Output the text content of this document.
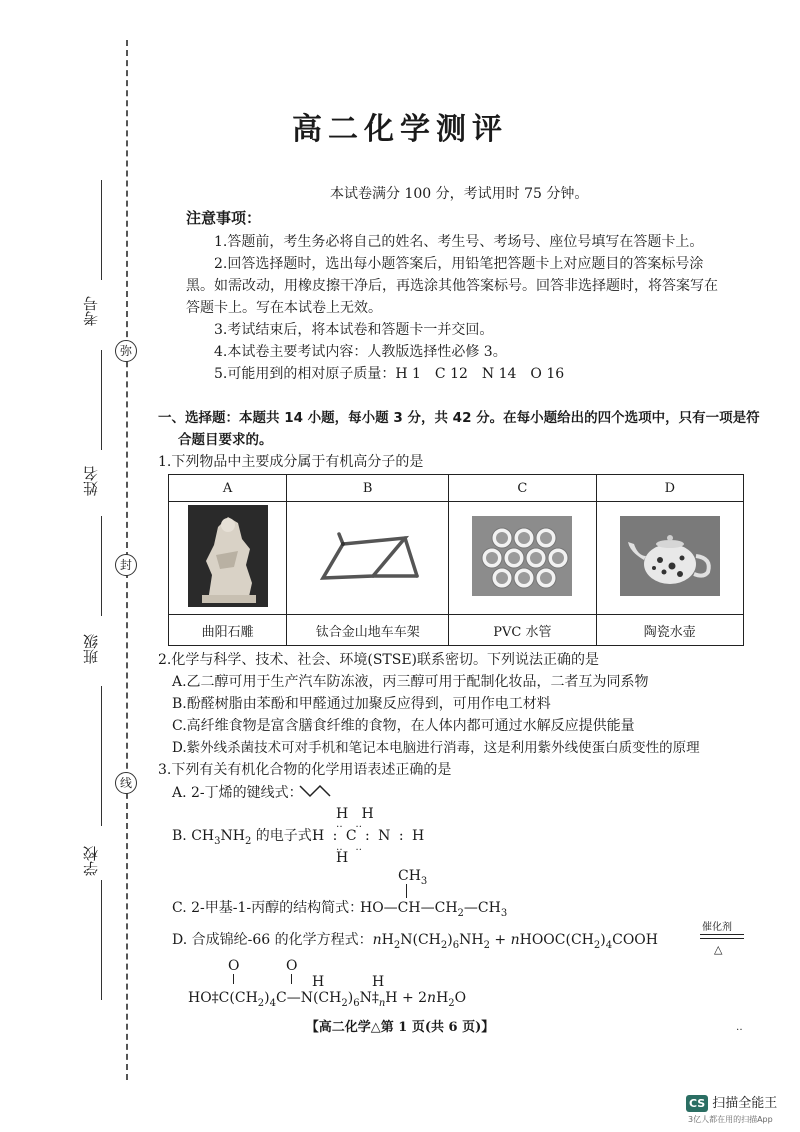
弥
封
线
考号
姓名
班级
学校
高二化学测评
本试卷满分 100 分，考试用时 75 分钟。
注意事项：
1.答题前，考生务必将自己的姓名、考生号、考场号、座位号填写在答题卡上。
2.回答选择题时，选出每小题答案后，用铅笔把答题卡上对应题目的答案标号涂
黑。如需改动，用橡皮擦干净后，再选涂其他答案标号。回答非选择题时，将答案写在
答题卡上。写在本试卷上无效。
3.考试结束后，将本试卷和答题卡一并交回。
4.本试卷主要考试内容：人教版选择性必修 3。
5.可能用到的相对原子质量：H 1　C 12　N 14　O 16
一、选择题：本题共 14 小题，每小题 3 分，共 42 分。在每小题给出的四个选项中，只有一项是符
合题目要求的。
1.下列物品中主要成分属于有机高分子的是
A	B	C	D

曲阳石雕	钛合金山地车车架	PVC 水管	陶瓷水壶
2.化学与科学、技术、社会、环境(STSE)联系密切。下列说法正确的是
A.乙二醇可用于生产汽车防冻液，丙三醇可用于配制化妆品，二者互为同系物
B.酚醛树脂由苯酚和甲醛通过加聚反应得到，可用作电工材料
C.高纤维食物是富含膳食纤维的食物，在人体内都可通过水解反应提供能量
D.紫外线杀菌技术可对手机和笔记本电脑进行消毒，这是利用紫外线使蛋白质变性的原理
3.下列有关有机化合物的化学用语表述正确的是
A. 2-丁烯的键线式：
B. $CH_3NH_2$ 的电子式：
H : C : N : H
H   H
‥    ‥
‥    ‥
H
C. 2-甲基-1-丙醇的结构简式：
$CH_3$
$HO—CH—CH_2—CH_3$
D. 合成锦纶-66 的化学方程式：$nH_2N(CH_2)_6NH_2$ + $nHOOC(CH_2)_4COOH$
催化剂
△
O	O
H	H
$HO\ddagger C(CH_2)_4C—N(CH_2)_6N\ddagger_nH + 2nH_2O$
【高二化学△第 1 页(共 6 页)】	‥
CS 扫描全能王
3亿人都在用的扫描App
